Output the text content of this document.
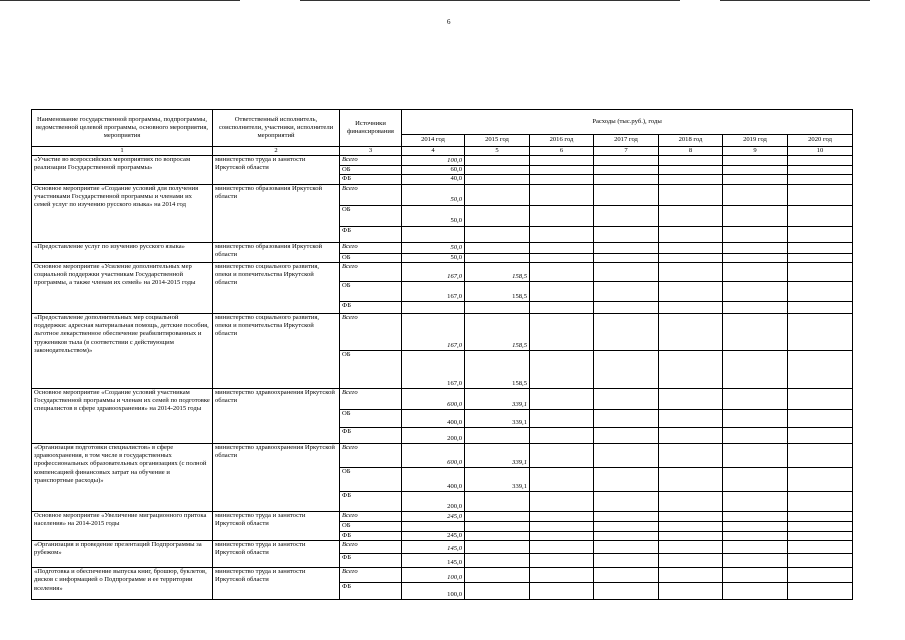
6
Наименование государственной программы, подпрограммы, ведомственной целевой программы, основного мероприятия, мероприятия	Ответственный исполнитель, соисполнители, участники, исполнители мероприятий	Источники финансирования	Расходы (тыс.руб.), годы						
			2014 год	2015 год	2016 год	2017 год	2018 год	2019 год	2020 год
1	2	3	4	5	6	7	8	9	10
«Участие во всероссийских мероприятиях по вопросам реализации Государственной программы»	министерство труда и занятости Иркутской области	Всего	100,0						
		ОБ	60,0						
		ФБ	40,0						
Основное мероприятие «Создание условий для получения участниками Государственной программы и членами их семей услуг по изучению русского языка» на 2014 год	министерство образования Иркутской области	Всего	50,0						
		ОБ	50,0						
		ФБ							
«Предоставление услуг по изучению русского языка»	министерство образования Иркутской области	Всего	50,0						
		ОБ	50,0						
Основное мероприятие «Усиление дополнительных мер социальной поддержки участникам Государственной программы, а также членам их семей» на 2014-2015 годы	министерство социального развития, опеки и попечительства Иркутской области	Всего	167,0	158,5					
		ОБ	167,0	158,5					
		ФБ							
«Предоставление дополнительных мер социальной поддержки: адресная материальная помощь, детские пособия, льготное лекарственное обеспечение реабилитированных и тружеников тыла (в соответствии с действующим законодательством)»	министерство социального развития, опеки и попечительства Иркутской области	Всего	167,0	158,5					
		ОБ	167,0	158,5					
Основное мероприятие «Создание условий участникам Государственной программы и членам их семей по подготовке специалистов в сфере здравоохранения» на 2014-2015 годы	министерство здравоохранения Иркутской области	Всего	600,0	339,1					
		ОБ	400,0	339,1					
		ФБ	200,0						
«Организация подготовки специалистов» в сфере здравоохранения, в том числе в государственных профессиональных образовательных организациях (с полной компенсацией финансовых затрат на обучение и транспортные расходы)»	министерство здравоохранения Иркутской области	Всего	600,0	339,1					
		ОБ	400,0	339,1					
		ФБ	200,0						
Основное мероприятие «Увеличение миграционного притока населения» на 2014-2015 годы	министерство труда и занятости Иркутской области	Всего	245,0						
		ОБ							
		ФБ	245,0						
«Организация и проведение презентаций Подпрограммы за рубежом»	министерство труда и занятости Иркутской области	Всего	145,0						
		ФБ	145,0						
«Подготовка и обеспечение выпуска книг, брошюр, буклетов, дисков с информацией о Подпрограмме и ее территории вселения»	министерство труда и занятости Иркутской области	Всего	100,0						
		ФБ	100,0						
